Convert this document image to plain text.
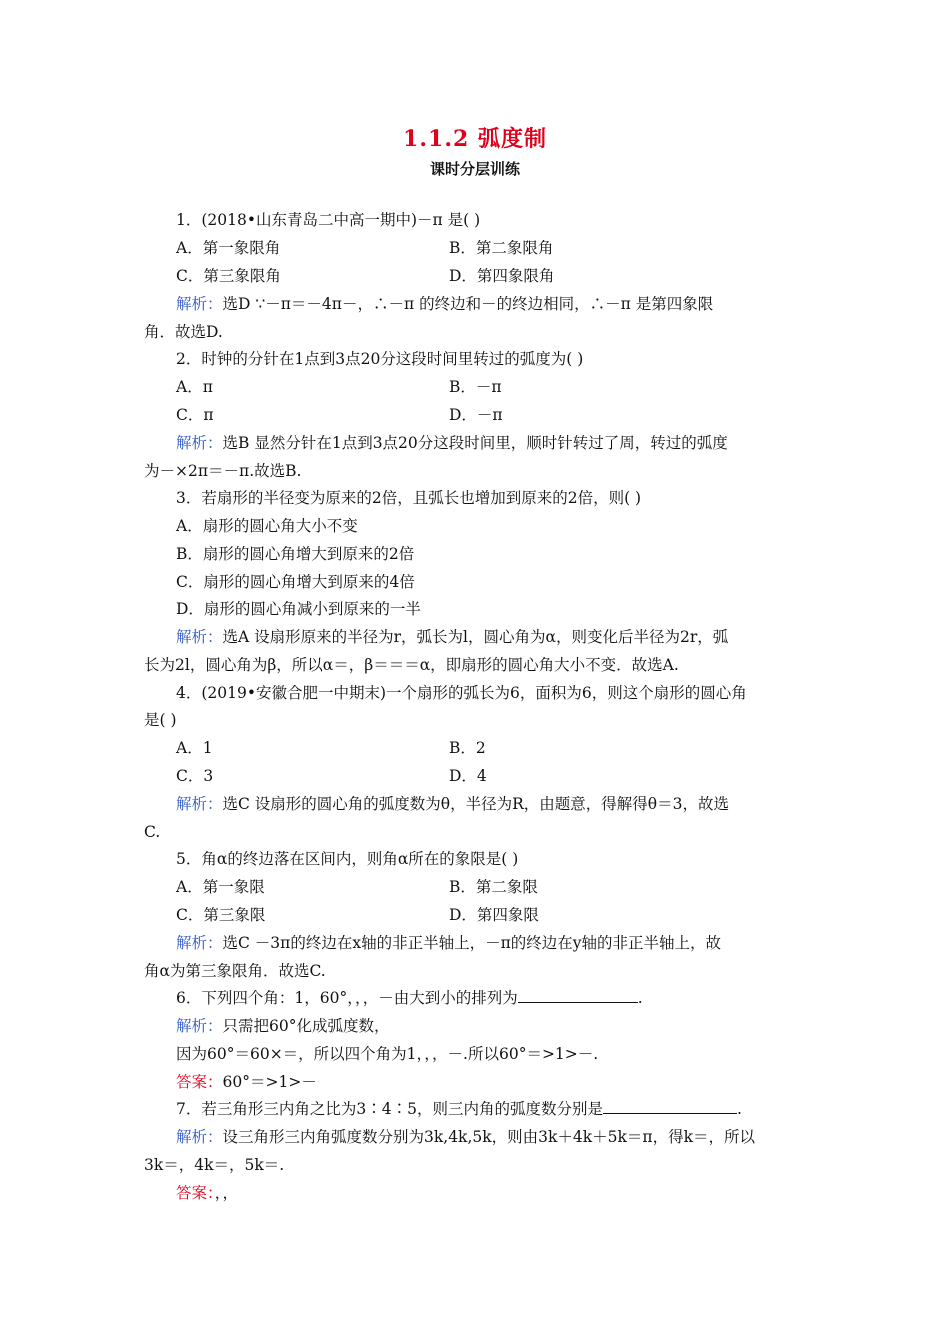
1.1.2 弧度制
课时分层训练
1．(2018•山东青岛二中高一期中)－π 是( )
A．第一象限角	B．第二象限角
C．第三象限角	D．第四象限角
解析：选D ∵－π＝－4π－，∴－π 的终边和－的终边相同，∴－π 是第四象限
角．故选D.
2．时钟的分针在1点到3点20分这段时间里转过的弧度为( )
A．π	B．－π
C．π	D．－π
解析：选B 显然分针在1点到3点20分这段时间里，顺时针转过了周，转过的弧度
为－×2π＝－π.故选B.
3．若扇形的半径变为原来的2倍，且弧长也增加到原来的2倍，则( )
A．扇形的圆心角大小不变
B．扇形的圆心角增大到原来的2倍
C．扇形的圆心角增大到原来的4倍
D．扇形的圆心角减小到原来的一半
解析：选A 设扇形原来的半径为r，弧长为l，圆心角为α，则变化后半径为2r，弧
长为2l，圆心角为β，所以α＝，β＝＝＝α，即扇形的圆心角大小不变．故选A.
4．(2019•安徽合肥一中期末)一个扇形的弧长为6，面积为6，则这个扇形的圆心角
是( )
A．1	B．2
C．3	D．4
解析：选C 设扇形的圆心角的弧度数为θ，半径为R，由题意，得解得θ＝3，故选
C.
5．角α的终边落在区间内，则角α所在的象限是( )
A．第一象限	B．第二象限
C．第三象限	D．第四象限
解析：选C －3π的终边在x轴的非正半轴上，－π的终边在y轴的非正半轴上，故
角α为第三象限角．故选C.
6．下列四个角：1，60°，，，－由大到小的排列为	.
解析：只需把60°化成弧度数，
因为60°＝60×＝，所以四个角为1，，，－.所以60°＝>1>－.
答案：60°＝>1>－
7．若三角形三内角之比为3∶4∶5，则三内角的弧度数分别是	.
解析：设三角形三内角弧度数分别为3k,4k,5k，则由3k＋4k＋5k＝π，得k＝，所以
3k＝，4k＝，5k＝.
答案：，，
